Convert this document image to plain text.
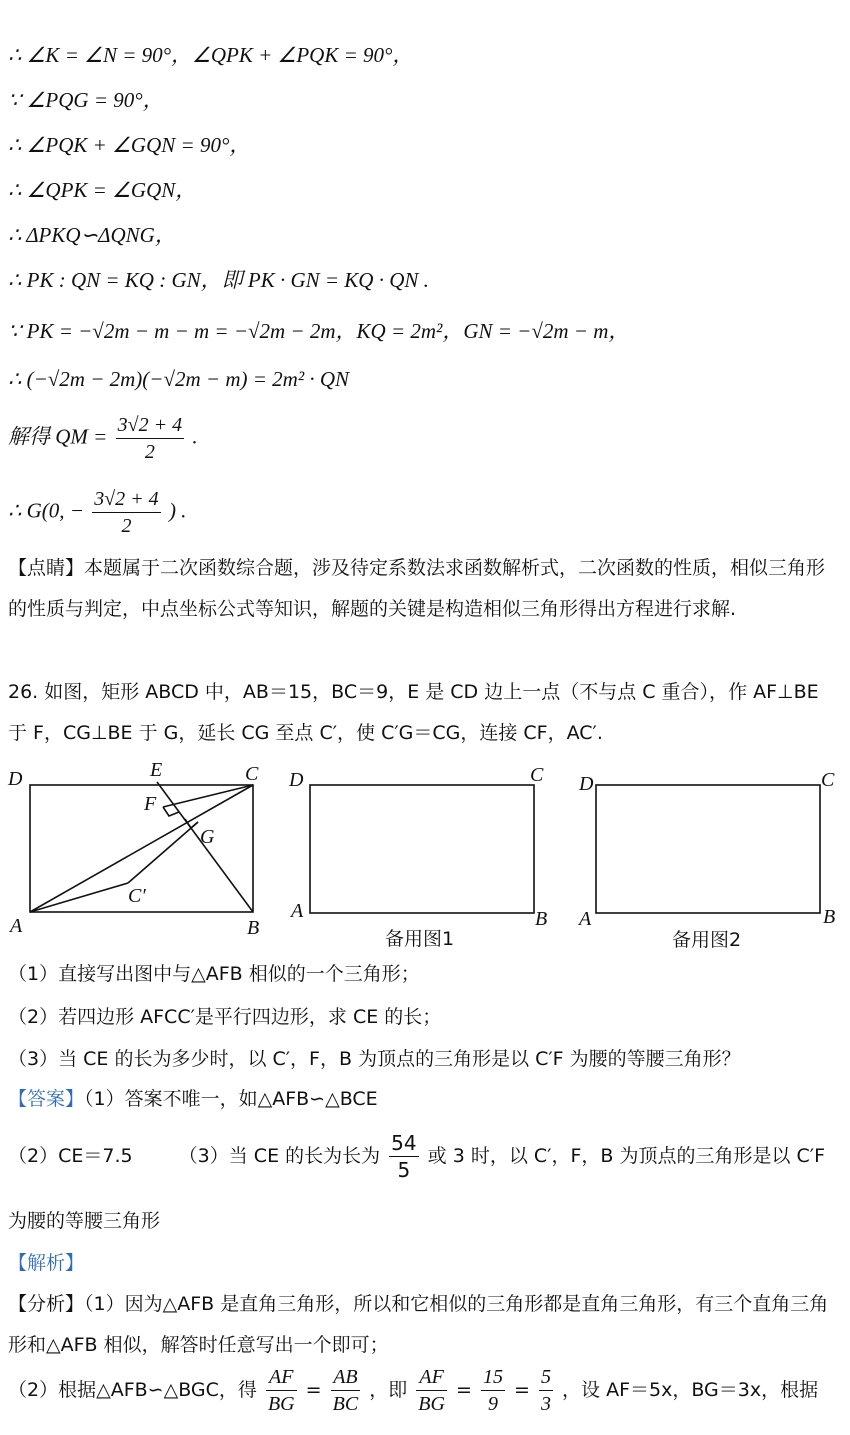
∴ ∠K = ∠N = 90°，∠QPK + ∠PQK = 90°，
∵ ∠PQG = 90°，
∴ ∠PQK + ∠GQN = 90°，
∴ ∠QPK = ∠GQN，
∴ ΔPKQ∽ΔQNG，
∴ PK : QN = KQ : GN，即 PK · GN = KQ · QN .
∵ PK = −√2m − m − m = −√2m − 2m，KQ = 2m²，GN = −√2m − m，
∴ (−√2m − 2m)(−√2m − m) = 2m² · QN
解得 QM = $\frac{3√2 + 4}{2}$ .
∴ G(0, − $\frac{3√2 + 4}{2}$ ) .
【点睛】本题属于二次函数综合题，涉及待定系数法求函数解析式，二次函数的性质，相似三角形的性质与判定，中点坐标公式等知识，解题的关键是构造相似三角形得出方程进行求解.
26. 如图，矩形 ABCD 中，AB＝15，BC＝9，E 是 CD 边上一点（不与点 C 重合），作 AF⊥BE 于 F，CG⊥BE 于 G，延长 CG 至点 C′，使 C′G＝CG，连接 CF，AC′.
D	E	C
F
G
C′
A	B
D	C
A	B
备用图1
D	C
A	B
备用图2
（1）直接写出图中与△AFB 相似的一个三角形；
（2）若四边形 AFCC′是平行四边形，求 CE 的长；
（3）当 CE 的长为多少时，以 C′，F，B 为顶点的三角形是以 C′F 为腰的等腰三角形？
【答案】（1）答案不唯一，如△AFB∽△BCE
（2）CE＝7.5 （3）当 CE 的长为长为 $\frac{54}{5}$ 或 3 时，以 C′，F，B 为顶点的三角形是以 C′F
为腰的等腰三角形
【解析】
【分析】（1）因为△AFB 是直角三角形，所以和它相似的三角形都是直角三角形，有三个直角三角形和△AFB 相似，解答时任意写出一个即可；
（2）根据△AFB∽△BGC，得 $\frac{AF}{BG} = \frac{AB}{BC}$ ，即 $\frac{AF}{BG} = \frac{15}{9} = \frac{5}{3}$ ，设 AF＝5x，BG＝3x，根据
